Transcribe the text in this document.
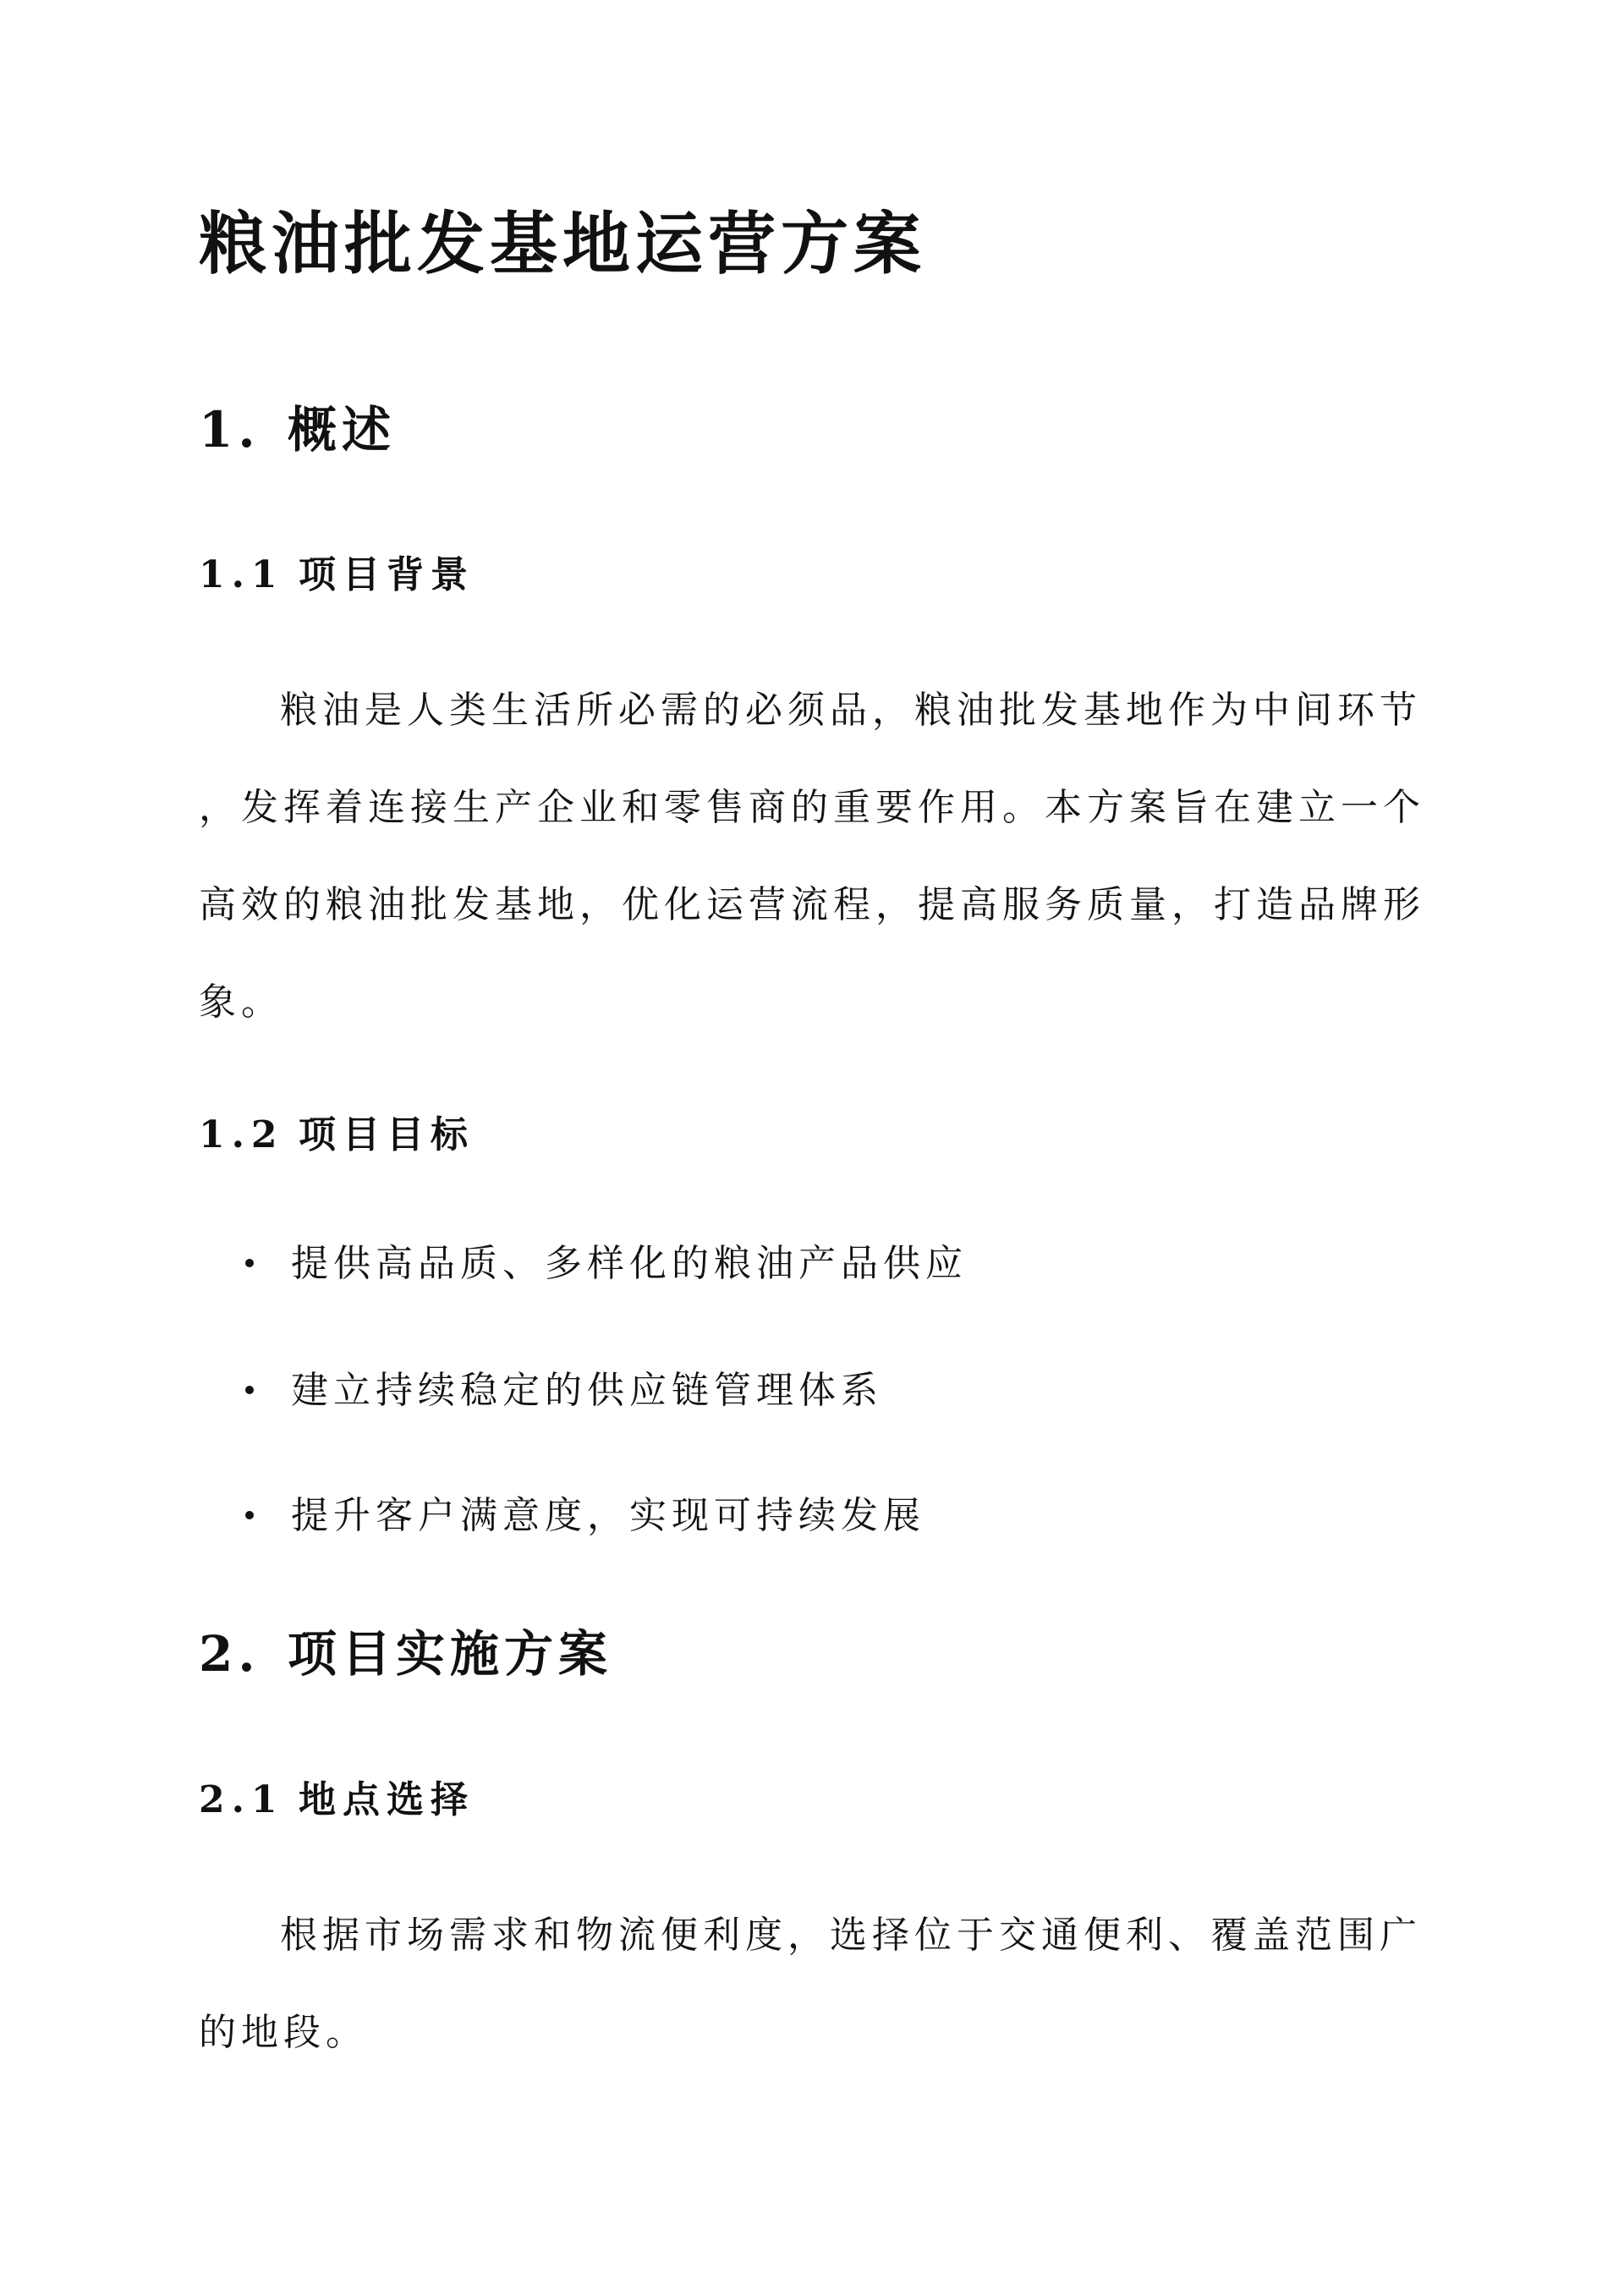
粮油批发基地运营方案
1. 概述
1.1 项目背景
粮油是人类生活所必需的必须品，粮油批发基地作为中间环节
，发挥着连接生产企业和零售商的重要作用。本方案旨在建立一个
高效的粮油批发基地，优化运营流程，提高服务质量，打造品牌形
象。
1.2 项目目标
提供高品质、多样化的粮油产品供应
建立持续稳定的供应链管理体系
提升客户满意度，实现可持续发展
2. 项目实施方案
2.1 地点选择
根据市场需求和物流便利度，选择位于交通便利、覆盖范围广
的地段。
